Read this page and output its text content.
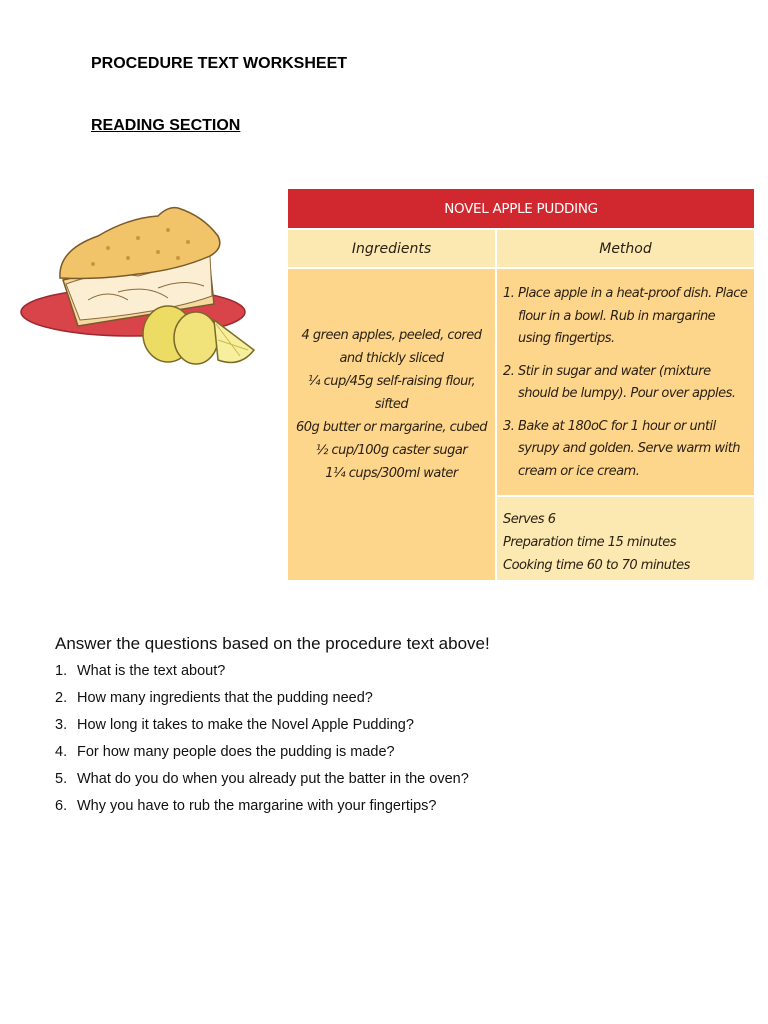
PROCEDURE TEXT WORKSHEET
READING SECTION
NOVEL APPLE PUDDING
Ingredients	Method
4 green apples, peeled, cored and thickly sliced
¼ cup/45g self-raising flour, sifted
60g butter or margarine, cubed
½ cup/100g caster sugar
1¼ cups/300ml water
1. Place apple in a heat-proof dish. Place flour in a bowl. Rub in margarine using fingertips.
2. Stir in sugar and water (mixture should be lumpy). Pour over apples.
3. Bake at 180oC for 1 hour or until syrupy and golden. Serve warm with cream or ice cream.
Serves 6
Preparation time 15 minutes
Cooking time 60 to 70 minutes

Answer the questions based on the procedure text above!

1. What is the text about?
2. How many ingredients that the pudding need?
3. How long it takes to make the Novel Apple Pudding?
4. For how many people does the pudding is made?
5. What do you do when you already put the batter in the oven?
6. Why you have to rub the margarine with your fingertips?
